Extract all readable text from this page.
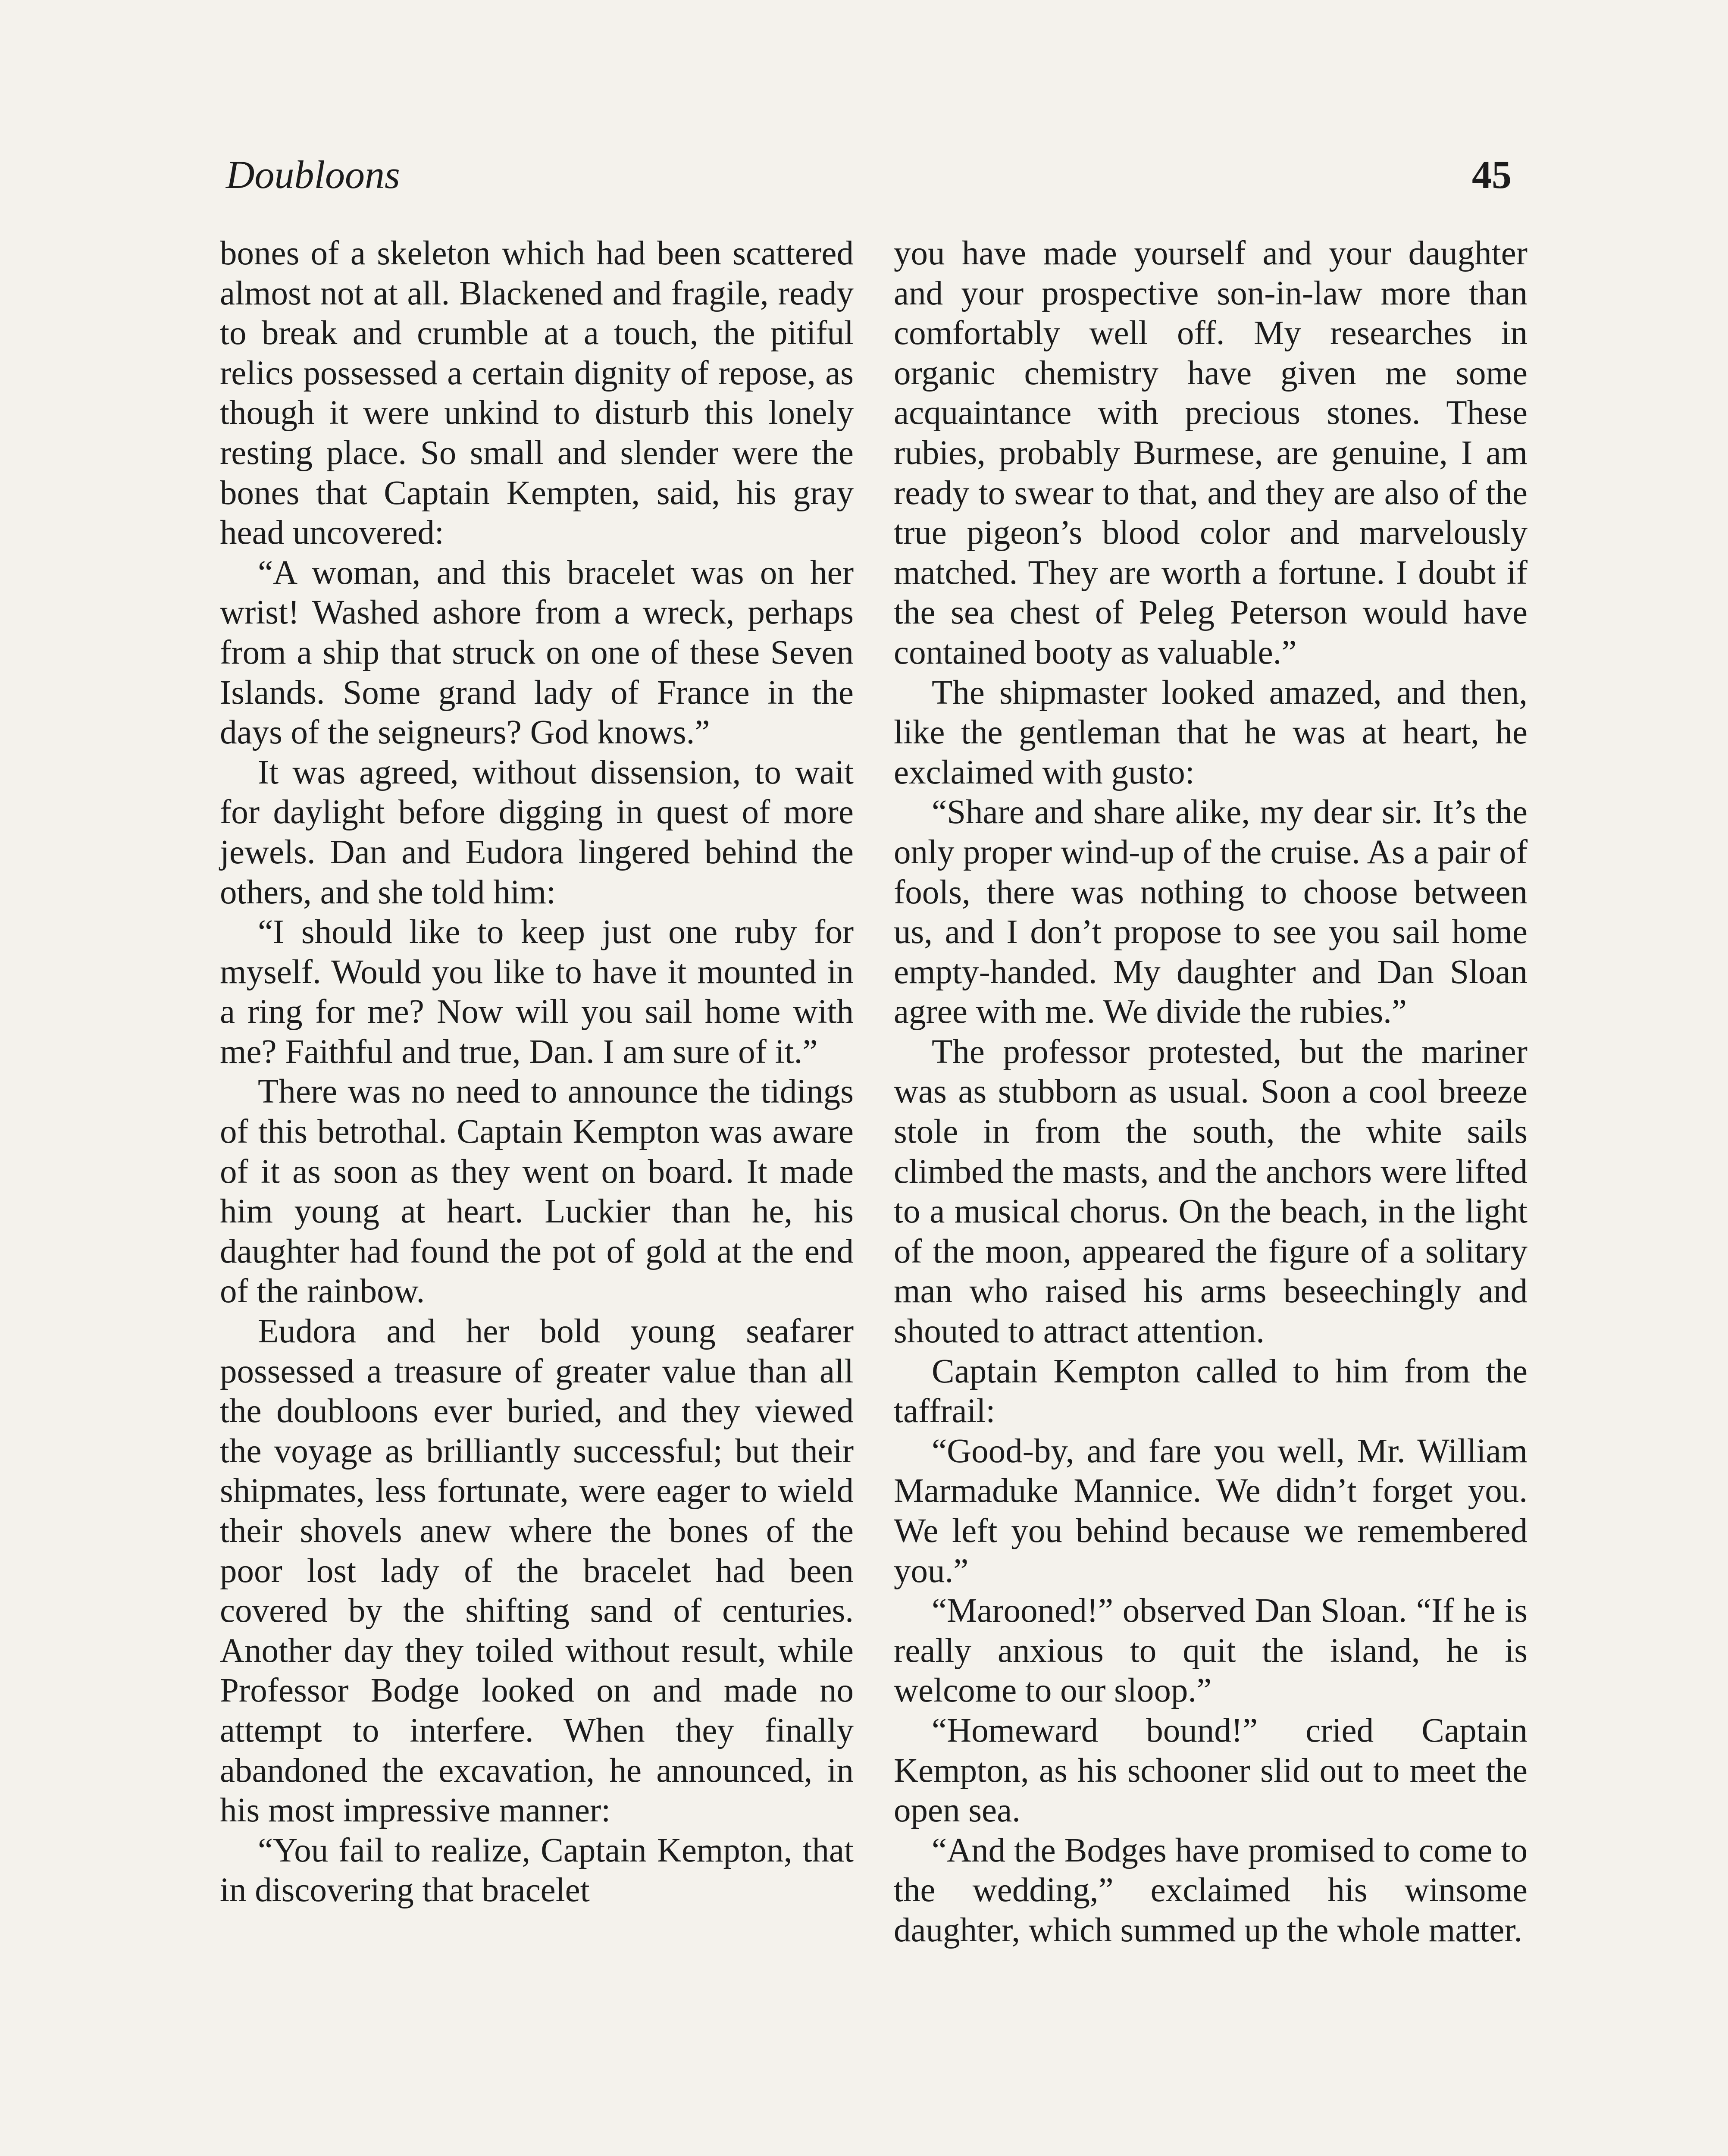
Doubloons	45

bones of a skeleton which had been scattered almost not at all. Blackened and fragile, ready to break and crumble at a touch, the pitiful relics possessed a certain dignity of repose, as though it were unkind to disturb this lonely resting place. So small and slender were the bones that Captain Kempten, said, his gray head uncovered:

“A woman, and this bracelet was on her wrist! Washed ashore from a wreck, perhaps from a ship that struck on one of these Seven Islands. Some grand lady of France in the days of the seigneurs? God knows.”

It was agreed, without dissension, to wait for daylight before digging in quest of more jewels. Dan and Eudora lingered behind the others, and she told him:

“I should like to keep just one ruby for myself. Would you like to have it mounted in a ring for me? Now will you sail home with me? Faithful and true, Dan. I am sure of it.”

There was no need to announce the tidings of this betrothal. Captain Kempton was aware of it as soon as they went on board. It made him young at heart. Luckier than he, his daughter had found the pot of gold at the end of the rainbow.

Eudora and her bold young seafarer possessed a treasure of greater value than all the doubloons ever buried, and they viewed the voyage as brilliantly successful; but their shipmates, less fortunate, were eager to wield their shovels anew where the bones of the poor lost lady of the bracelet had been covered by the shifting sand of centuries. Another day they toiled without result, while Professor Bodge looked on and made no attempt to interfere. When they finally abandoned the excavation, he announced, in his most impressive manner:

“You fail to realize, Captain Kempton, that in discovering that bracelet

you have made yourself and your daughter and your prospective son-in-law more than comfortably well off. My researches in organic chemistry have given me some acquaintance with precious stones. These rubies, probably Burmese, are genuine, I am ready to swear to that, and they are also of the true pigeon’s blood color and marvelously matched. They are worth a fortune. I doubt if the sea chest of Peleg Peterson would have contained booty as valuable.”

The shipmaster looked amazed, and then, like the gentleman that he was at heart, he exclaimed with gusto:

“Share and share alike, my dear sir. It’s the only proper wind-up of the cruise. As a pair of fools, there was nothing to choose between us, and I don’t propose to see you sail home empty-handed. My daughter and Dan Sloan agree with me. We divide the rubies.”

The professor protested, but the mariner was as stubborn as usual. Soon a cool breeze stole in from the south, the white sails climbed the masts, and the anchors were lifted to a musical chorus. On the beach, in the light of the moon, appeared the figure of a solitary man who raised his arms beseechingly and shouted to attract attention.

Captain Kempton called to him from the taffrail:

“Good-by, and fare you well, Mr. William Marmaduke Mannice. We didn’t forget you. We left you behind because we remembered you.”

“Marooned!” observed Dan Sloan. “If he is really anxious to quit the island, he is welcome to our sloop.”

“Homeward bound!” cried Captain Kempton, as his schooner slid out to meet the open sea.

“And the Bodges have promised to come to the wedding,” exclaimed his winsome daughter, which summed up the whole matter.
